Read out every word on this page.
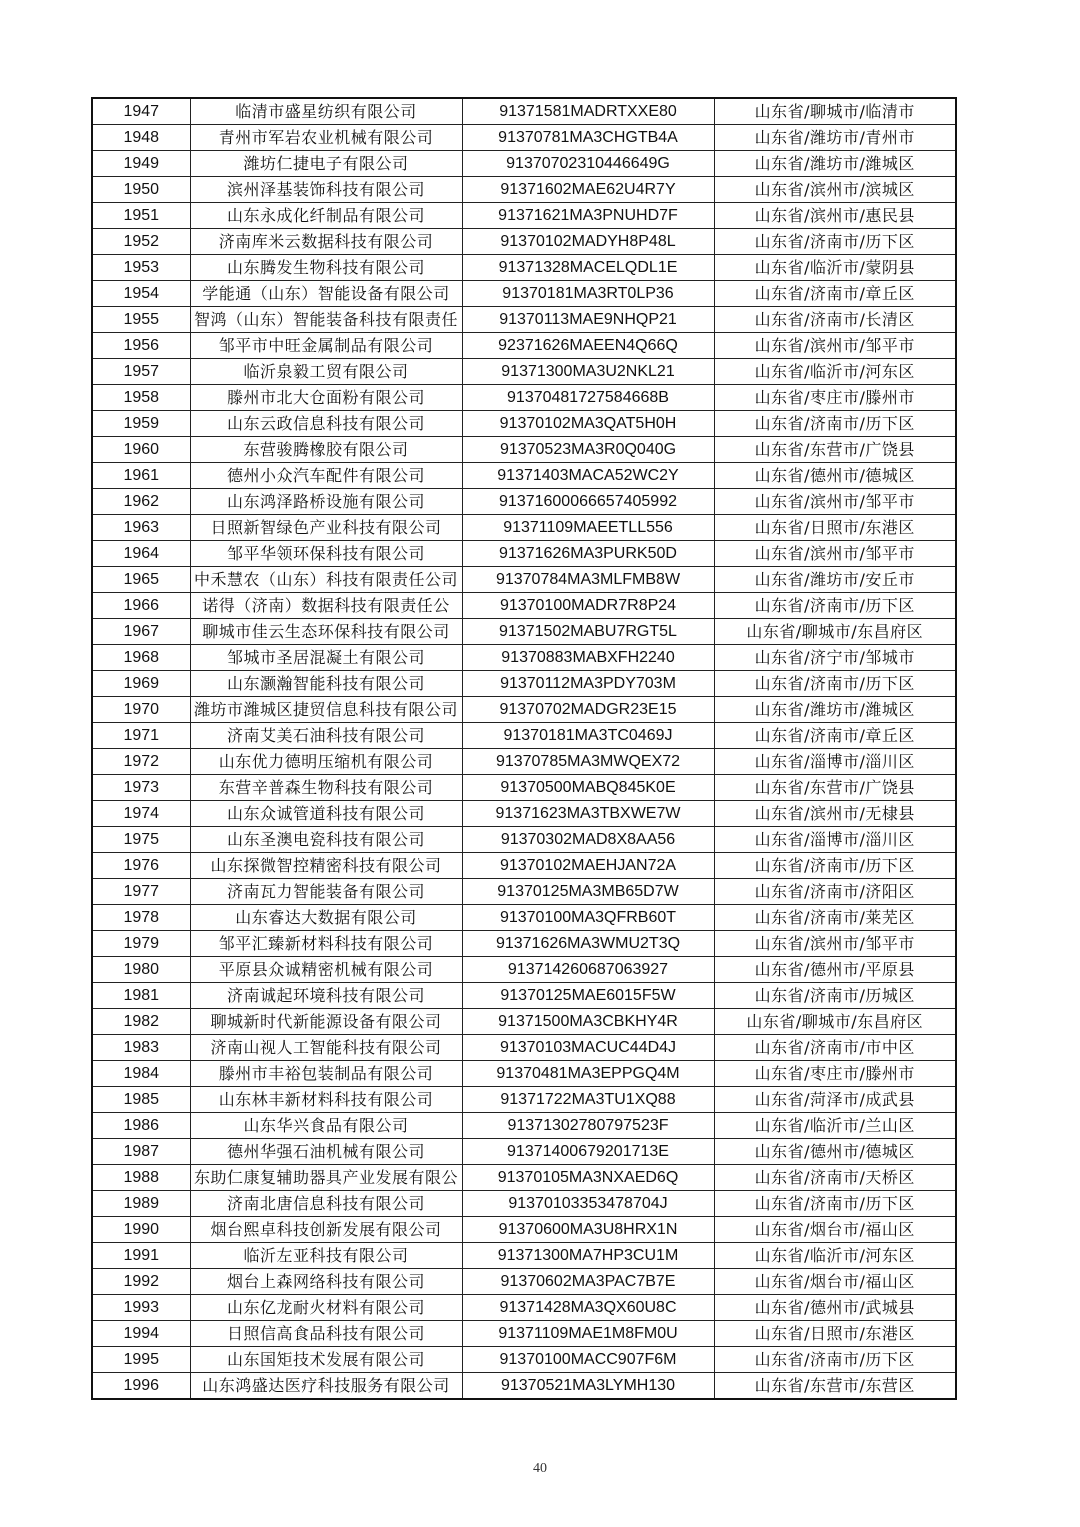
1947	临清市盛星纺织有限公司	91371581MADRTXXE80	山东省/聊城市/临清市
1948	青州市军岩农业机械有限公司	91370781MA3CHGTB4A	山东省/潍坊市/青州市
1949	潍坊仁捷电子有限公司	91370702310446649G	山东省/潍坊市/潍城区
1950	滨州泽基装饰科技有限公司	91371602MAE62U4R7Y	山东省/滨州市/滨城区
1951	山东永成化纤制品有限公司	91371621MA3PNUHD7F	山东省/滨州市/惠民县
1952	济南库米云数据科技有限公司	91370102MADYH8P48L	山东省/济南市/历下区
1953	山东腾发生物科技有限公司	91371328MACELQDL1E	山东省/临沂市/蒙阴县
1954	学能通（山东）智能设备有限公司	91370181MA3RT0LP36	山东省/济南市/章丘区
1955	智鸿（山东）智能装备科技有限责任	91370113MAE9NHQP21	山东省/济南市/长清区
1956	邹平市中旺金属制品有限公司	92371626MAEEN4Q66Q	山东省/滨州市/邹平市
1957	临沂泉毅工贸有限公司	91371300MA3U2NKL21	山东省/临沂市/河东区
1958	滕州市北大仓面粉有限公司	91370481727584668B	山东省/枣庄市/滕州市
1959	山东云政信息科技有限公司	91370102MA3QAT5H0H	山东省/济南市/历下区
1960	东营骏腾橡胶有限公司	91370523MA3R0Q040G	山东省/东营市/广饶县
1961	德州小众汽车配件有限公司	91371403MACA52WC2Y	山东省/德州市/德城区
1962	山东鸿泽路桥设施有限公司	91371600066657405992	山东省/滨州市/邹平市
1963	日照新智绿色产业科技有限公司	91371109MAEETLL556	山东省/日照市/东港区
1964	邹平华领环保科技有限公司	91371626MA3PURK50D	山东省/滨州市/邹平市
1965	中禾慧农（山东）科技有限责任公司	91370784MA3MLFMB8W	山东省/潍坊市/安丘市
1966	诺得（济南）数据科技有限责任公	91370100MADR7R8P24	山东省/济南市/历下区
1967	聊城市佳云生态环保科技有限公司	91371502MABU7RGT5L	山东省/聊城市/东昌府区
1968	邹城市圣居混凝土有限公司	91370883MABXFH2240	山东省/济宁市/邹城市
1969	山东灏瀚智能科技有限公司	91370112MA3PDY703M	山东省/济南市/历下区
1970	潍坊市潍城区捷贸信息科技有限公司	91370702MADGR23E15	山东省/潍坊市/潍城区
1971	济南艾美石油科技有限公司	91370181MA3TC0469J	山东省/济南市/章丘区
1972	山东优力德明压缩机有限公司	91370785MA3MWQEX72	山东省/淄博市/淄川区
1973	东营辛普森生物科技有限公司	91370500MABQ845K0E	山东省/东营市/广饶县
1974	山东众诚管道科技有限公司	91371623MA3TBXWE7W	山东省/滨州市/无棣县
1975	山东圣澳电瓷科技有限公司	91370302MAD8X8AA56	山东省/淄博市/淄川区
1976	山东探微智控精密科技有限公司	91370102MAEHJAN72A	山东省/济南市/历下区
1977	济南瓦力智能装备有限公司	91370125MA3MB65D7W	山东省/济南市/济阳区
1978	山东睿达大数据有限公司	91370100MA3QFRB60T	山东省/济南市/莱芜区
1979	邹平汇臻新材料科技有限公司	91371626MA3WMU2T3Q	山东省/滨州市/邹平市
1980	平原县众诚精密机械有限公司	91371426068706392​7	山东省/德州市/平原县
1981	济南诚起环境科技有限公司	91370125MAE6015F5W	山东省/济南市/历城区
1982	聊城新时代新能源设备有限公司	91371500MA3CBKHY4R	山东省/聊城市/东昌府区
1983	济南山视人工智能科技有限公司	91370103MACUC44D4J	山东省/济南市/市中区
1984	滕州市丰裕包装制品有限公司	91370481MA3EPPGQ4M	山东省/枣庄市/滕州市
1985	山东林丰新材料科技有限公司	91371722MA3TU1XQ88	山东省/菏泽市/成武县
1986	山东华兴食品有限公司	91371302780797523F	山东省/临沂市/兰山区
1987	德州华强石油机械有限公司	91371400679201713E	山东省/德州市/德城区
1988	东助仁康复辅助器具产业发展有限公	91370105MA3NXAED6Q	山东省/济南市/天桥区
1989	济南北唐信息科技有限公司	91370103353478704J	山东省/济南市/历下区
1990	烟台熙卓科技创新发展有限公司	91370600MA3U8HRX1N	山东省/烟台市/福山区
1991	临沂左亚科技有限公司	91371300MA7HP3CU1M	山东省/临沂市/河东区
1992	烟台上森网络科技有限公司	91370602MA3PAC7B7E	山东省/烟台市/福山区
1993	山东亿龙耐火材料有限公司	91371428MA3QX60U8C	山东省/德州市/武城县
1994	日照信高食品科技有限公司	91371109MAE1M8FM0U	山东省/日照市/东港区
1995	山东国矩技术发展有限公司	91370100MACC907F6M	山东省/济南市/历下区
1996	山东鸿盛达医疗科技服务有限公司	91370521MA3LYMH130	山东省/东营市/东营区
40
